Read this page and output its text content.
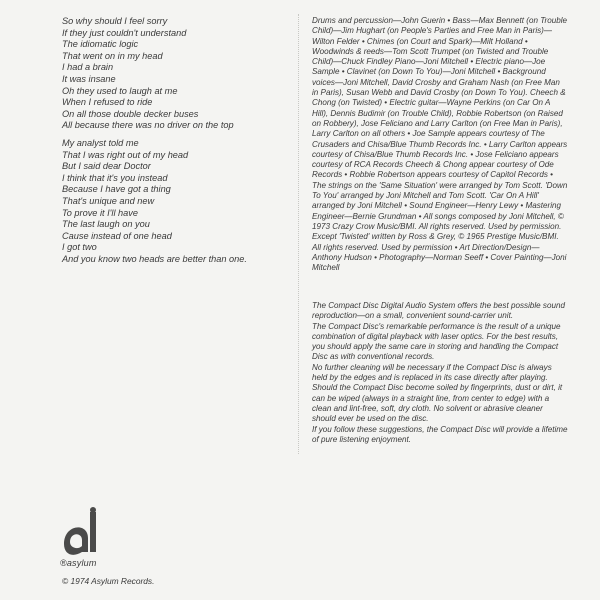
So why should I feel sorry
If they just couldn't understand
The idiomatic logic
That went on in my head
I had a brain
It was insane
Oh they used to laugh at me
When I refused to ride
On all those double decker buses
All because there was no driver on the top
My analyst told me
That I was right out of my head
But I said dear Doctor
I think that it's you instead
Because I have got a thing
That's unique and new
To prove it I'll have
The last laugh on you
Cause instead of one head
I got two
And you know two heads are better than one.

Drums and percussion—John Guerin • Bass—Max Bennett (on Trouble Child)—Jim Hughart (on People's Parties and Free Man in Paris)—Wilton Felder • Chimes (on Court and Spark)—Milt Holland • Woodwinds & reeds—Tom Scott Trumpet (on Twisted and Trouble Child)—Chuck Findley Piano—Joni Mitchell • Electric piano—Joe Sample • Clavinet (on Down To You)—Joni Mitchell • Background voices—Joni Mitchell, David Crosby and Graham Nash (on Free Man in Paris), Susan Webb and David Crosby (on Down To You). Cheech & Chong (on Twisted) • Electric guitar—Wayne Perkins (on Car On A Hill), Dennis Budimir (on Trouble Child), Robbie Robertson (on Raised on Robbery), Jose Feliciano and Larry Carlton (on Free Man in Paris), Larry Carlton on all others • Joe Sample appears courtesy of The Crusaders and Chisa/Blue Thumb Records Inc. • Larry Carlton appears courtesy of Chisa/Blue Thumb Records Inc. • Jose Feliciano appears courtesy of RCA Records Cheech & Chong appear courtesy of Ode Records • Robbie Robertson appears courtesy of Capitol Records • The strings on the 'Same Situation' were arranged by Tom Scott. 'Down To You' arranged by Joni Mitchell and Tom Scott. 'Car On A Hill' arranged by Joni Mitchell • Sound Engineer—Henry Lewy • Mastering Engineer—Bernie Grundman • All songs composed by Joni Mitchell, © 1973 Crazy Crow Music/BMI. All rights reserved. Used by permission. Except 'Twisted' written by Ross & Grey, © 1965 Prestige Music/BMI. All rights reserved. Used by permission • Art Direction/Design—Anthony Hudson • Photography—Norman Seeff • Cover Painting—Joni Mitchell

The Compact Disc Digital Audio System offers the best possible sound reproduction—on a small, convenient sound-carrier unit.

The Compact Disc's remarkable performance is the result of a unique combination of digital playback with laser optics. For the best results, you should apply the same care in storing and handling the Compact Disc as with conventional records.

No further cleaning will be necessary if the Compact Disc is always held by the edges and is replaced in its case directly after playing. Should the Compact Disc become soiled by fingerprints, dust or dirt, it can be wiped (always in a straight line, from center to edge) with a clean and lint-free, soft, dry cloth. No solvent or abrasive cleaner should ever be used on the disc.

If you follow these suggestions, the Compact Disc will provide a lifetime of pure listening enjoyment.

®asylum
© 1974 Asylum Records.
